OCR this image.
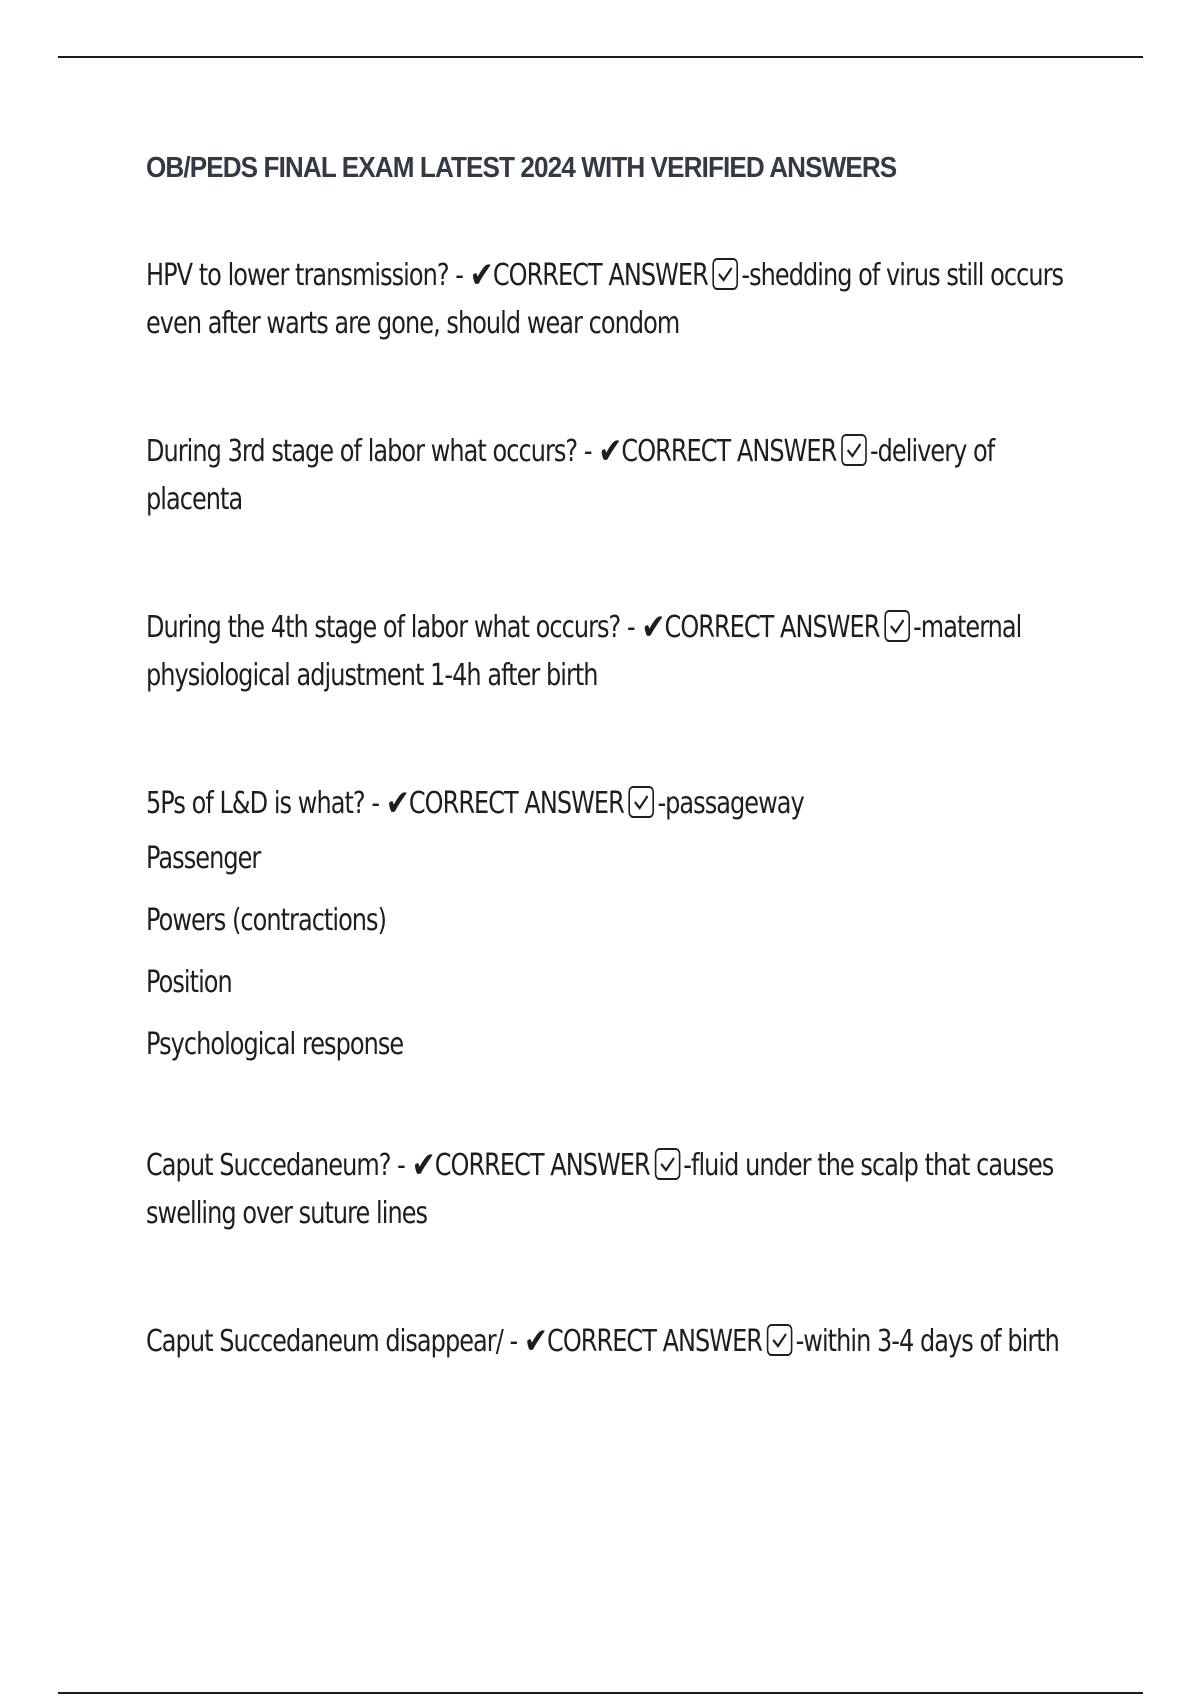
OB/PEDS FINAL EXAM LATEST 2024 WITH VERIFIED ANSWERS

HPV to lower transmission? - ✔CORRECT ANSWER -shedding of virus still occurs even after warts are gone, should wear condom

During 3rd stage of labor what occurs? - ✔CORRECT ANSWER -delivery of placenta

During the 4th stage of labor what occurs? - ✔CORRECT ANSWER -maternal physiological adjustment 1-4h after birth

5Ps of L&D is what? - ✔CORRECT ANSWER -passageway

Passenger
Powers (contractions)
Position
Psychological response

Caput Succedaneum? - ✔CORRECT ANSWER -fluid under the scalp that causes swelling over suture lines

Caput Succedaneum disappear/ - ✔CORRECT ANSWER -within 3-4 days of birth
